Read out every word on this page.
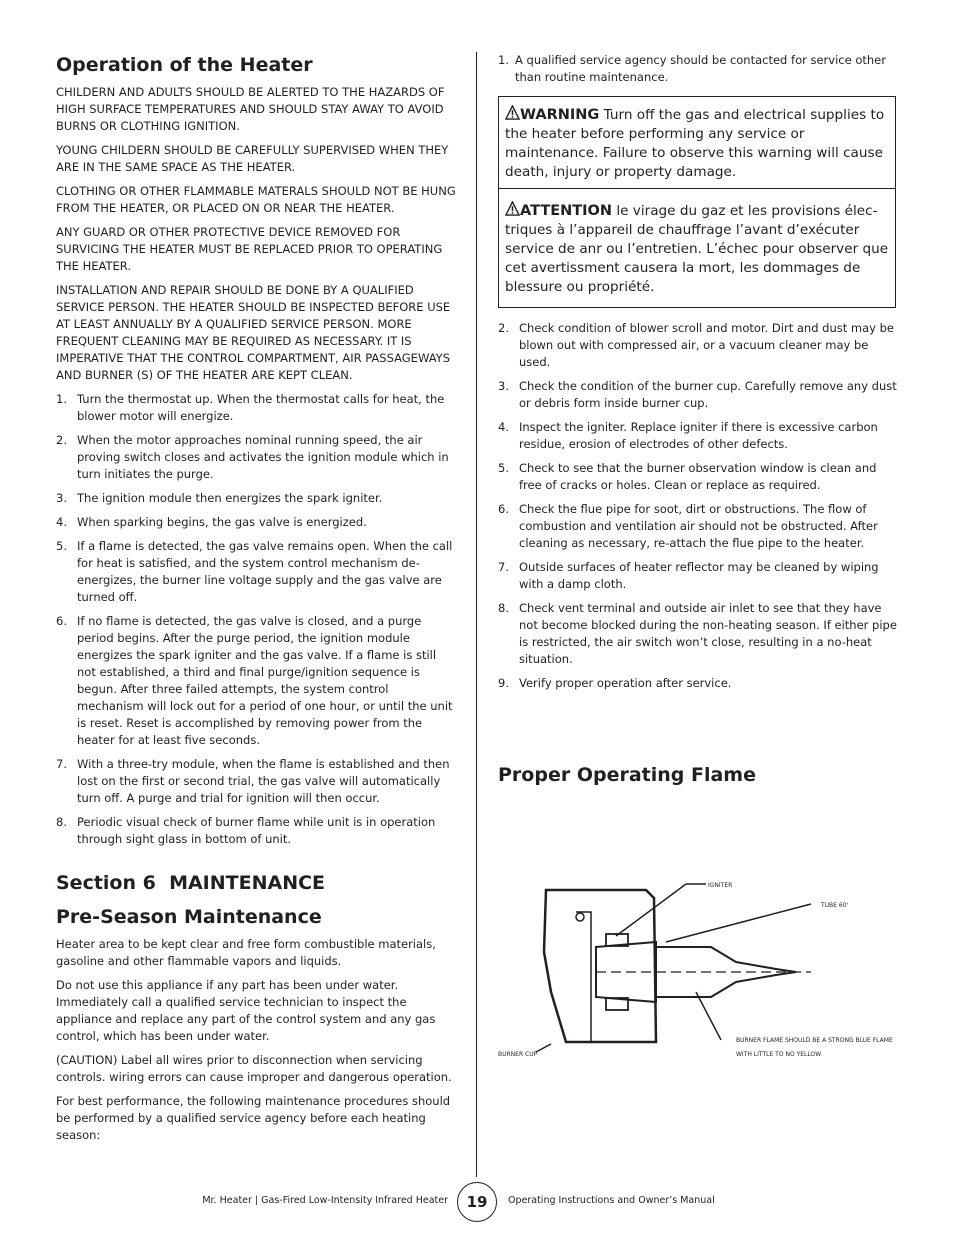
Operation of the Heater

CHILDERN AND ADULTS SHOULD BE ALERTED TO THE HAZARDS OF HIGH SURFACE TEMPERATURES AND SHOULD STAY AWAY TO AVOID BURNS OR CLOTHING IGNITION.

YOUNG CHILDERN SHOULD BE CAREFULLY SUPERVISED WHEN THEY ARE IN THE SAME SPACE AS THE HEATER.

CLOTHING OR OTHER FLAMMABLE MATERALS SHOULD NOT BE HUNG FROM THE HEATER, OR PLACED ON OR NEAR THE HEATER.

ANY GUARD OR OTHER PROTECTIVE DEVICE REMOVED FOR SURVICING THE HEATER MUST BE REPLACED PRIOR TO OPERATING THE HEATER.

INSTALLATION AND REPAIR SHOULD BE DONE BY A QUALIFIED SERVICE PERSON. THE HEATER SHOULD BE INSPECTED BEFORE USE AT LEAST ANNUALLY BY A QUALIFIED SERVICE PERSON. MORE FREQUENT CLEANING MAY BE REQUIRED AS NECESSARY. IT IS IMPERATIVE THAT THE CONTROL COMPARTMENT, AIR PASSAGEWAYS AND BURNER (S) OF THE HEATER ARE KEPT CLEAN.

1. Turn the thermostat up. When the thermostat calls for heat, the blower motor will energize.
2. When the motor approaches nominal running speed, the air proving switch closes and activates the ignition module which in turn initiates the purge.
3. The ignition module then energizes the spark igniter.
4. When sparking begins, the gas valve is energized.
5. If a flame is detected, the gas valve remains open. When the call for heat is satisfied, and the system control mechanism de-energizes, the burner line voltage supply and the gas valve are turned off.
6. If no flame is detected, the gas valve is closed, and a purge period begins. After the purge period, the ignition module energizes the spark igniter and the gas valve. If a flame is still not established, a third and final purge/ignition sequence is begun. After three failed attempts, the system control mechanism will lock out for a period of one hour, or until the unit is reset. Reset is accomplished by removing power from the heater for at least five seconds.
7. With a three-try module, when the flame is established and then lost on the first or second trial, the gas valve will automatically turn off. A purge and trial for ignition will then occur.
8. Periodic visual check of burner flame while unit is in operation through sight glass in bottom of unit.
Section 6  MAINTENANCE
Pre-Season Maintenance

Heater area to be kept clear and free form combustible materials, gasoline and other flammable vapors and liquids.

Do not use this appliance if any part has been under water. Immediately call a qualified service technician to inspect the appliance and replace any part of the control system and any gas control, which has been under water.

(CAUTION) Label all wires prior to disconnection when servicing controls. wiring errors can cause improper and dangerous operation.

For best performance, the following maintenance procedures should be performed by a qualified service agency before each heating season:

1. A qualified service agency should be contacted for service other than routine maintenance.
WARNING Turn off the gas and electrical supplies to the heater before performing any service or maintenance. Failure to observe this warning will cause death, injury or property damage.
ATTENTION le virage du gaz et les provisions élec-triques à l’appareil de chauffrage l’avant d’exécuter service de anr ou l’entretien. L’échec pour observer que cet avertissment causera la mort, les dommages de blessure ou propriété.
2. Check condition of blower scroll and motor. Dirt and dust may be blown out with compressed air, or a vacuum cleaner may be used.
3. Check the condition of the burner cup. Carefully remove any dust or debris form inside burner cup.
4. Inspect the igniter. Replace igniter if there is excessive carbon residue, erosion of electrodes of other defects.
5. Check to see that the burner observation window is clean and free of cracks or holes. Clean or replace as required.
6. Check the flue pipe for soot, dirt or obstructions. The flow of combustion and ventilation air should not be obstructed. After cleaning as necessary, re-attach the flue pipe to the heater.
7. Outside surfaces of heater reflector may be cleaned by wiping with a damp cloth.
8. Check vent terminal and outside air inlet to see that they have not become blocked during the non-heating season. If either pipe is restricted, the air switch won’t close, resulting in a no-heat situation.
9. Verify proper operation after service.
Proper Operating Flame
IGNITER
TUBE 60'
BURNER FLAME SHOULD BE A STRONG BLUE FLAME
WITH LITTLE TO NO YELLOW
BURNER CUP
Mr. Heater | Gas-Fired Low-Intensity Infrared Heater	19	Operating Instructions and Owner’s Manual
